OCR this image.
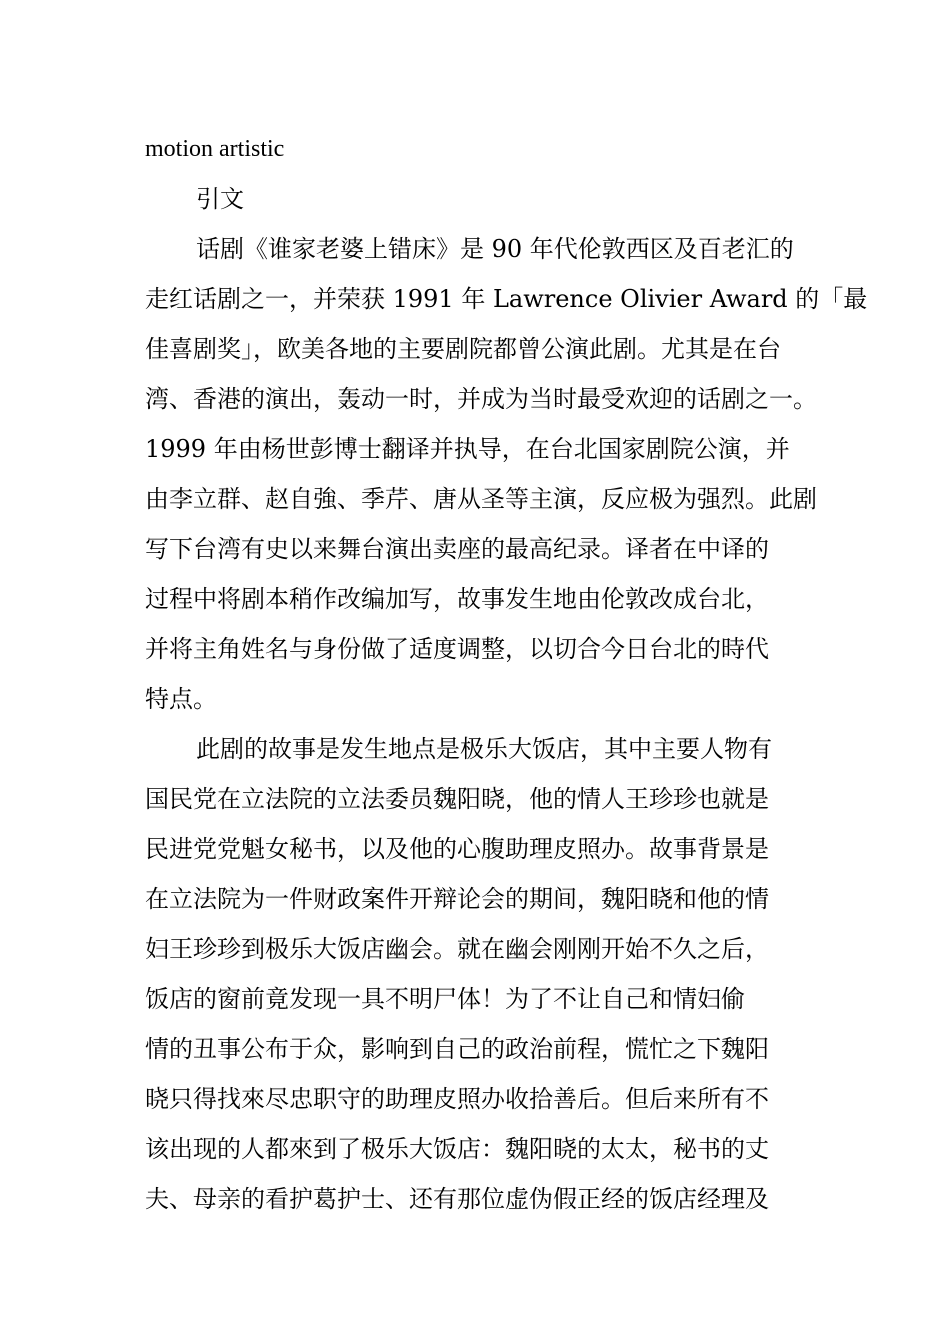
motion artistic
引文
话剧《谁家老婆上错床》是 90 年代伦敦西区及百老汇的
走红话剧之一，并荣获 1991 年 Lawrence Olivier Award 的「最
佳喜剧奖」，欧美各地的主要剧院都曾公演此剧。尤其是在台
湾、香港的演出，轰动一时，并成为当时最受欢迎的话剧之一。
1999 年由杨世彭博士翻译并执导，在台北国家剧院公演，并
由李立群、赵自強、季芹、唐从圣等主演，反应极为强烈。此剧
写下台湾有史以来舞台演出卖座的最高纪录。译者在中译的
过程中将剧本稍作改编加写，故事发生地由伦敦改成台北，
并将主角姓名与身份做了适度调整，以切合今日台北的時代
特点。
此剧的故事是发生地点是极乐大饭店，其中主要人物有
国民党在立法院的立法委员魏阳晓，他的情人王珍珍也就是
民进党党魁女秘书，以及他的心腹助理皮照办。故事背景是
在立法院为一件财政案件开辩论会的期间，魏阳晓和他的情
妇王珍珍到极乐大饭店幽会。就在幽会刚刚开始不久之后，
饭店的窗前竟发现一具不明尸体！为了不让自己和情妇偷
情的丑事公布于众，影响到自己的政治前程，慌忙之下魏阳
晓只得找來尽忠职守的助理皮照办收拾善后。但后来所有不
该出现的人都來到了极乐大饭店：魏阳晓的太太，秘书的丈
夫、母亲的看护葛护士、还有那位虚伪假正经的饭店经理及
